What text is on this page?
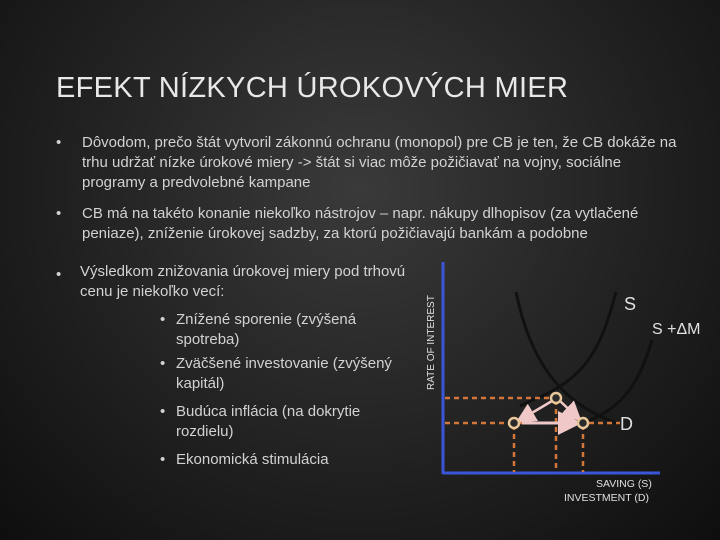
EFEKT NÍZKYCH ÚROKOVÝCH MIER
• Dôvodom, prečo štát vytvoril zákonnú ochranu (monopol) pre CB je ten, že CB dokáže na trhu udržať nízke úrokové miery -> štát si viac môže požičiavať na vojny, sociálne programy a predvolebné kampane
• CB má na takéto konanie niekoľko nástrojov – napr. nákupy dlhopisov (za vytlačené peniaze), zníženie úrokovej sadzby, za ktorú požičiavajú bankám a podobne
• Výsledkom znižovania úrokovej miery pod trhovú cenu je niekoľko vecí:
• Znížené sporenie (zvýšená spotreba)
• Zväčšené investovanie (zvýšený kapitál)
• Budúca inflácia (na dokrytie rozdielu)
• Ekonomická stimulácia
RATE OF INTEREST	S
S +ΔM
D
SAVING (S)
INVESTMENT (D)
